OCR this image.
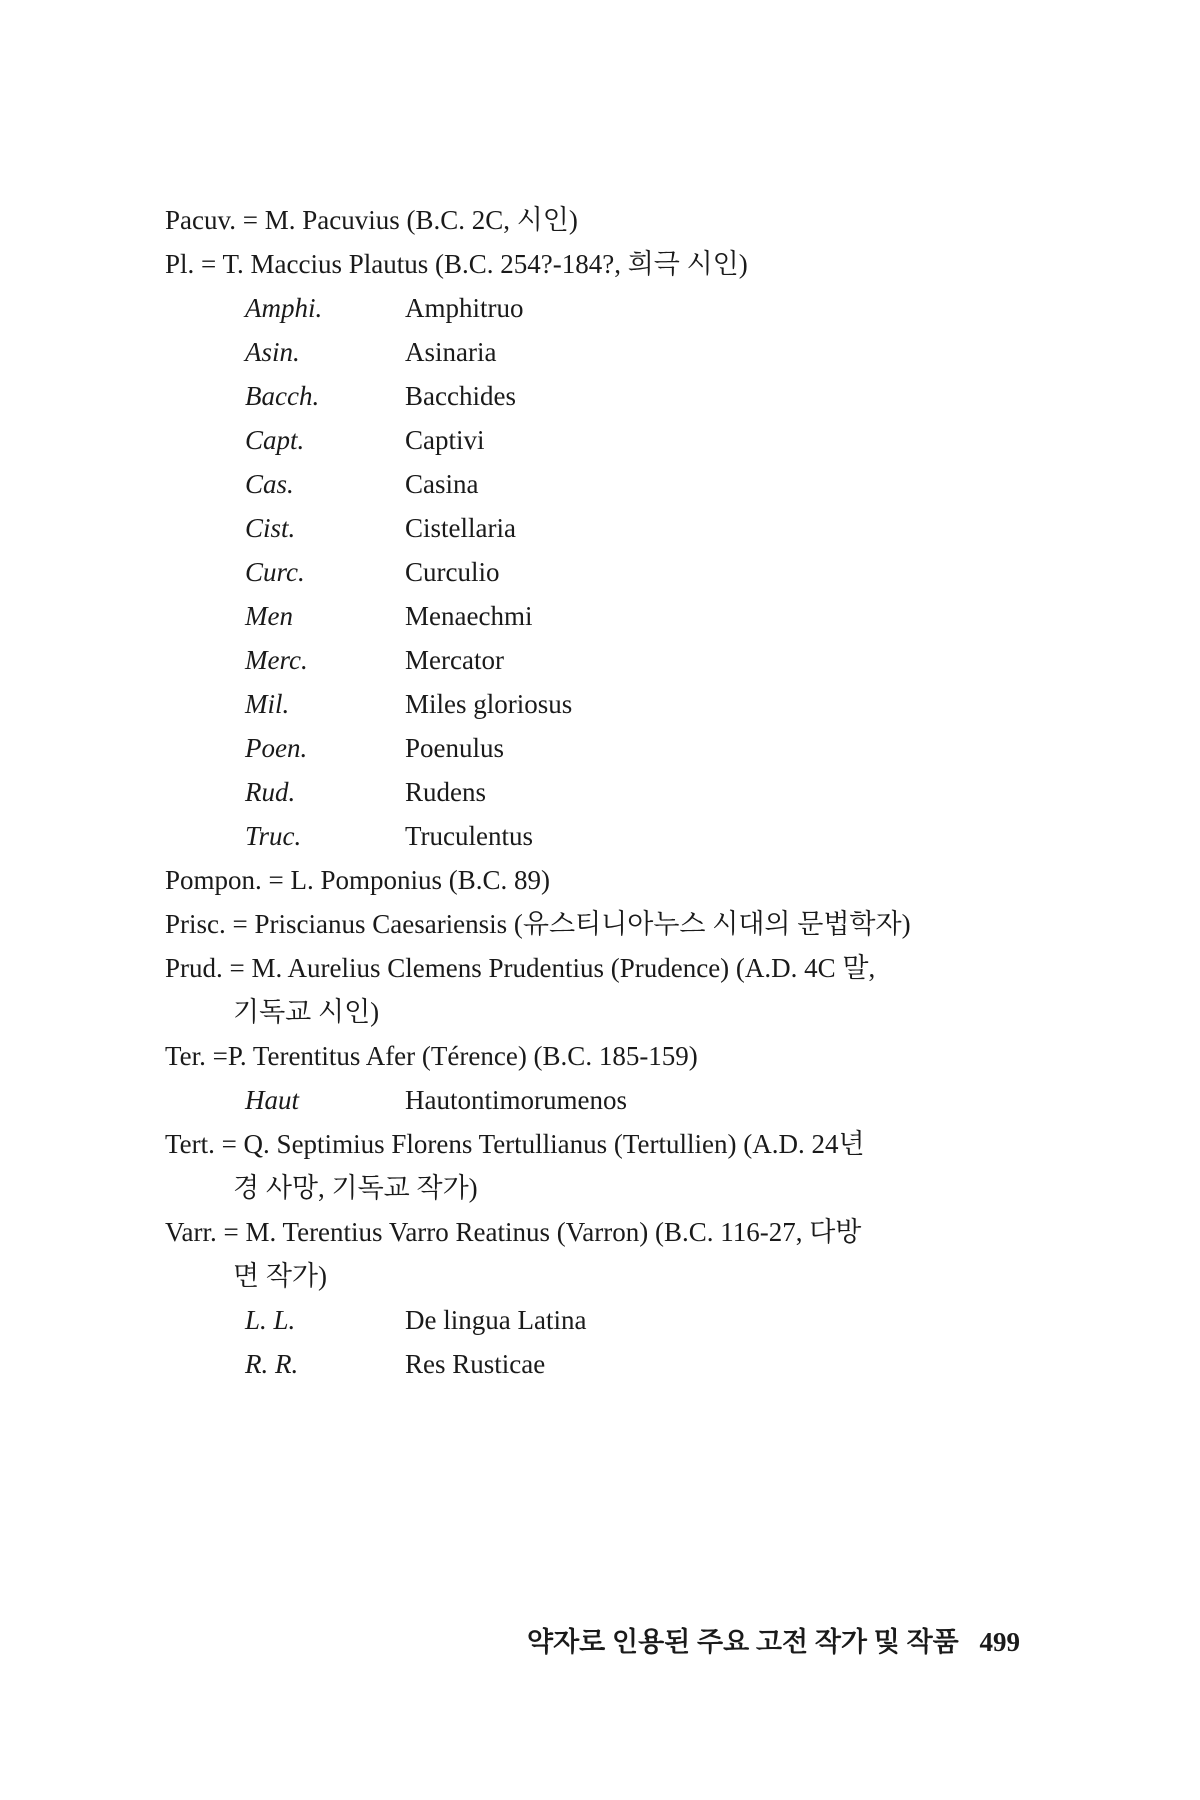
Pacuv. = M. Pacuvius (B.C. 2C, 시인)
Pl. = T. Maccius Plautus (B.C. 254?-184?, 희극 시인)
Amphi.	Amphitruo
Asin.	Asinaria
Bacch.	Bacchides
Capt.	Captivi
Cas.	Casina
Cist.	Cistellaria
Curc.	Curculio
Men	Menaechmi
Merc.	Mercator
Mil.	Miles gloriosus
Poen.	Poenulus
Rud.	Rudens
Truc.	Truculentus
Pompon. = L. Pomponius (B.C. 89)
Prisc. = Priscianus Caesariensis (유스티니아누스 시대의 문법학자)
Prud. = M. Aurelius Clemens Prudentius (Prudence) (A.D. 4C 말,
기독교 시인)
Ter. =P. Terentitus Afer (Térence) (B.C. 185-159)
Haut	Hautontimorumenos
Tert. = Q. Septimius Florens Tertullianus (Tertullien) (A.D. 24년
경 사망, 기독교 작가)
Varr. = M. Terentius Varro Reatinus (Varron) (B.C. 116-27, 다방
면 작가)
L. L.	De lingua Latina
R. R.	Res Rusticae
약자로 인용된 주요 고전 작가 및 작품 499
